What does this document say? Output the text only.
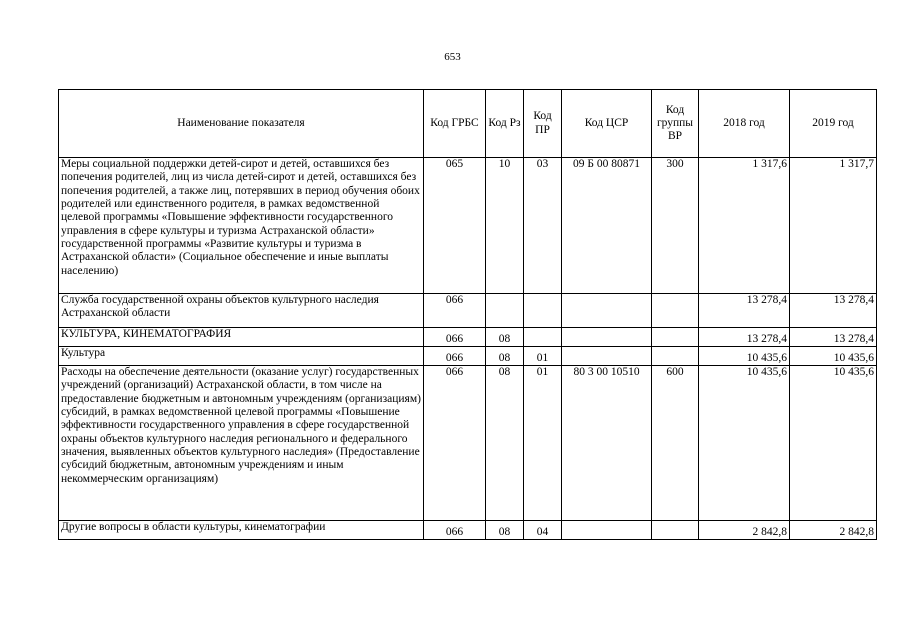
653
Наименование показателя	Код ГРБС	Код Рз	Код ПР	Код ЦСР	Код группы ВР	2018 год	2019 год
Меры социальной поддержки детей-сирот и детей, оставшихся без попечения родителей, лиц из числа детей-сирот и детей, оставшихся без попечения родителей, а также лиц, потерявших в период обучения обоих родителей или единственного родителя, в рамках ведомственной целевой программы «Повышение эффективности государственного управления в сфере культуры и туризма Астраханской области» государственной программы «Развитие культуры и туризма в Астраханской области» (Социальное обеспечение и иные выплаты населению)	065	10	03	09 Б 00 80871	300	1 317,6	1 317,7
Служба государственной охраны объектов культурного наследия Астраханской области	066					13 278,4	13 278,4
КУЛЬТУРА, КИНЕМАТОГРАФИЯ	066	08				13 278,4	13 278,4
Культура	066	08	01			10 435,6	10 435,6
Расходы на обеспечение деятельности (оказание услуг) государственных учреждений (организаций) Астраханской области, в том числе на предоставление бюджетным и автономным учреждениям (организациям) субсидий, в рамках ведомственной целевой программы «Повышение эффективности государственного управления в сфере государственной охраны объектов культурного наследия регионального и федерального значения, выявленных объектов культурного наследия» (Предоставление субсидий бюджетным, автономным учреждениям и иным некоммерческим организациям)	066	08	01	80 3 00 10510	600	10 435,6	10 435,6
Другие вопросы в области культуры, кинематографии	066	08	04			2 842,8	2 842,8
